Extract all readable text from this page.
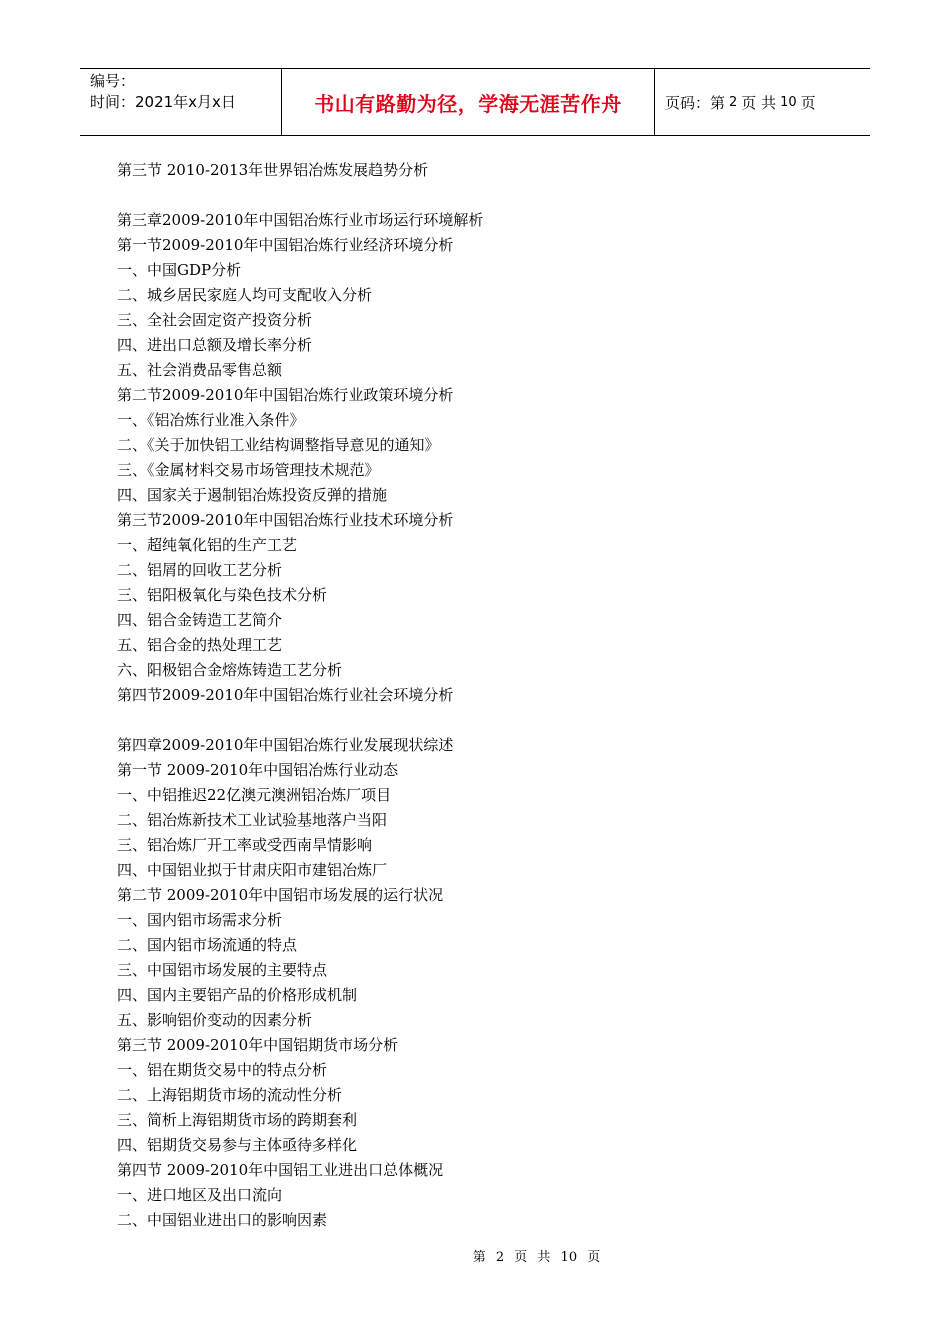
编号：
时间：2021年x月x日	书山有路勤为径，学海无涯苦作舟	页码：第 2 页 共 10 页
第三节 2010-2013年世界铝冶炼发展趋势分析
第三章2009-2010年中国铝冶炼行业市场运行环境解析
第一节2009-2010年中国铝冶炼行业经济环境分析
一、中国GDP分析
二、城乡居民家庭人均可支配收入分析
三、全社会固定资产投资分析
四、进出口总额及增长率分析
五、社会消费品零售总额
第二节2009-2010年中国铝冶炼行业政策环境分析
一、《铝冶炼行业准入条件》
二、《关于加快铝工业结构调整指导意见的通知》
三、《金属材料交易市场管理技术规范》
四、国家关于遏制铝冶炼投资反弹的措施
第三节2009-2010年中国铝冶炼行业技术环境分析
一、超纯氧化铝的生产工艺
二、铝屑的回收工艺分析
三、铝阳极氧化与染色技术分析
四、铝合金铸造工艺简介
五、铝合金的热处理工艺
六、阳极铝合金熔炼铸造工艺分析
第四节2009-2010年中国铝冶炼行业社会环境分析
第四章2009-2010年中国铝冶炼行业发展现状综述
第一节 2009-2010年中国铝冶炼行业动态
一、中铝推迟22亿澳元澳洲铝冶炼厂项目
二、铝冶炼新技术工业试验基地落户当阳
三、铝冶炼厂开工率或受西南旱情影响
四、中国铝业拟于甘肃庆阳市建铝冶炼厂
第二节 2009-2010年中国铝市场发展的运行状况
一、国内铝市场需求分析
二、国内铝市场流通的特点
三、中国铝市场发展的主要特点
四、国内主要铝产品的价格形成机制
五、影响铝价变动的因素分析
第三节 2009-2010年中国铝期货市场分析
一、铝在期货交易中的特点分析
二、上海铝期货市场的流动性分析
三、简析上海铝期货市场的跨期套利
四、铝期货交易参与主体亟待多样化
第四节 2009-2010年中国铝工业进出口总体概况
一、进口地区及出口流向
二、中国铝业进出口的影响因素
第 2 页 共 10 页
